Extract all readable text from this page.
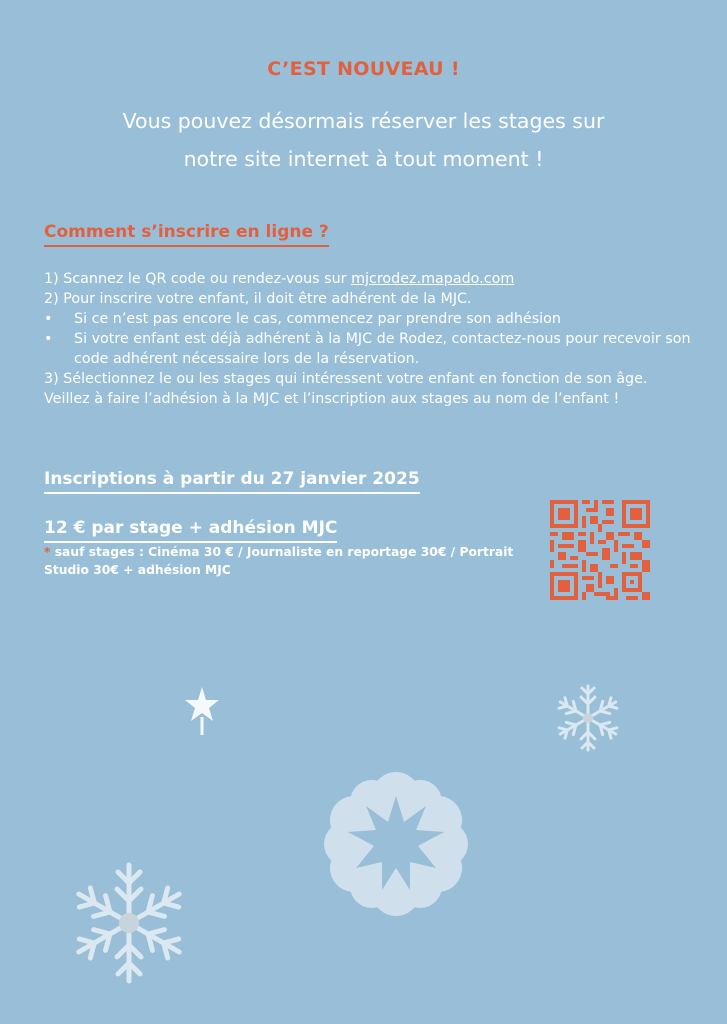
C’EST NOUVEAU !
Vous pouvez désormais réserver les stages sur
notre site internet à tout moment !
Comment s’inscrire en ligne ?
1) Scannez le QR code ou rendez-vous sur mjcrodez.mapado.com
2) Pour inscrire votre enfant, il doit être adhérent de la MJC.
• Si ce n’est pas encore le cas, commencez par prendre son adhésion
• Si votre enfant est déjà adhérent à la MJC de Rodez, contactez-nous pour recevoir son code adhérent nécessaire lors de la réservation.
3) Sélectionnez le ou les stages qui intéressent votre enfant en fonction de son âge.
Veillez à faire l’adhésion à la MJC et l’inscription aux stages au nom de l’enfant !
Inscriptions à partir du 27 janvier 2025
12 € par stage + adhésion MJC
* sauf stages : Cinéma 30 € / Journaliste en reportage 30€ / Portrait Studio 30€ + adhésion MJC
